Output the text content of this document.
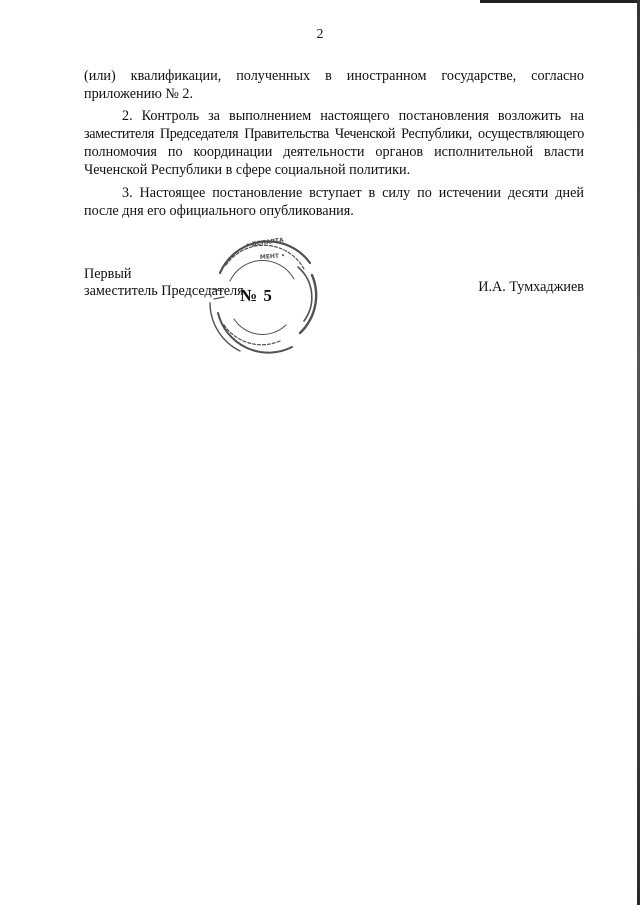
2

(или) квалификации, полученных в иностранном государстве, согласно
приложению № 2.

2. Контроль за выполнением настоящего постановления возложить на
заместителя Председателя Правительства Чеченской Республики, осуществляющего
полномочия по координации деятельности органов исполнительной власти
Чеченской Республики в сфере социальной политики.

3. Настоящее постановление вступает в силу по истечении десяти дней
после дня его официального опубликования.

Первый
заместитель Председателя
• ДЕПАРТА
МЕНТ •
№ 5	И.А. Тумхаджиев
